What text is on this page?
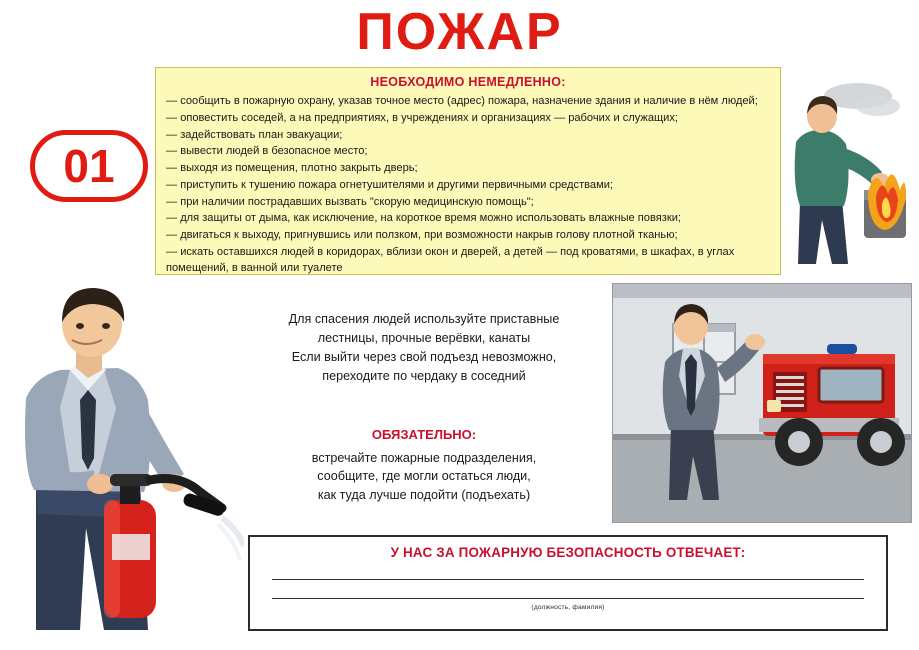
ПОЖАР
01
НЕОБХОДИМО НЕМЕДЛЕННО:
— сообщить в пожарную охрану, указав точное место (адрес) пожара, назначение здания и наличие в нём людей;
— оповестить соседей, а на предприятиях, в учреждениях и организациях — рабочих и служащих;
— задействовать план эвакуации;
— вывести людей в безопасное место;
— выходя из помещения, плотно закрыть дверь;
— приступить к тушению пожара огнетушителями и другими первичными средствами;
— при наличии пострадавших вызвать "скорую медицинскую помощь";
— для защиты от дыма, как исключение, на короткое время можно использовать влажные повязки;
— двигаться к выходу, пригнувшись или ползком, при возможности накрыв голову плотной тканью;
— искать оставшихся людей в коридорах, вблизи окон и дверей, а детей — под кроватями, в шкафах, в углах помещений, в ванной или туалете
Для спасения людей используйте приставные
лестницы, прочные верёвки, канаты
Если выйти через свой подъезд невозможно,
переходите по чердаку в соседний
ОБЯЗАТЕЛЬНО:
встречайте пожарные подразделения,
сообщите, где могли остаться люди,
как туда лучше подойти (подъехать)
У НАС ЗА ПОЖАРНУЮ БЕЗОПАСНОСТЬ ОТВЕЧАЕТ:
(должность, фамилия)
